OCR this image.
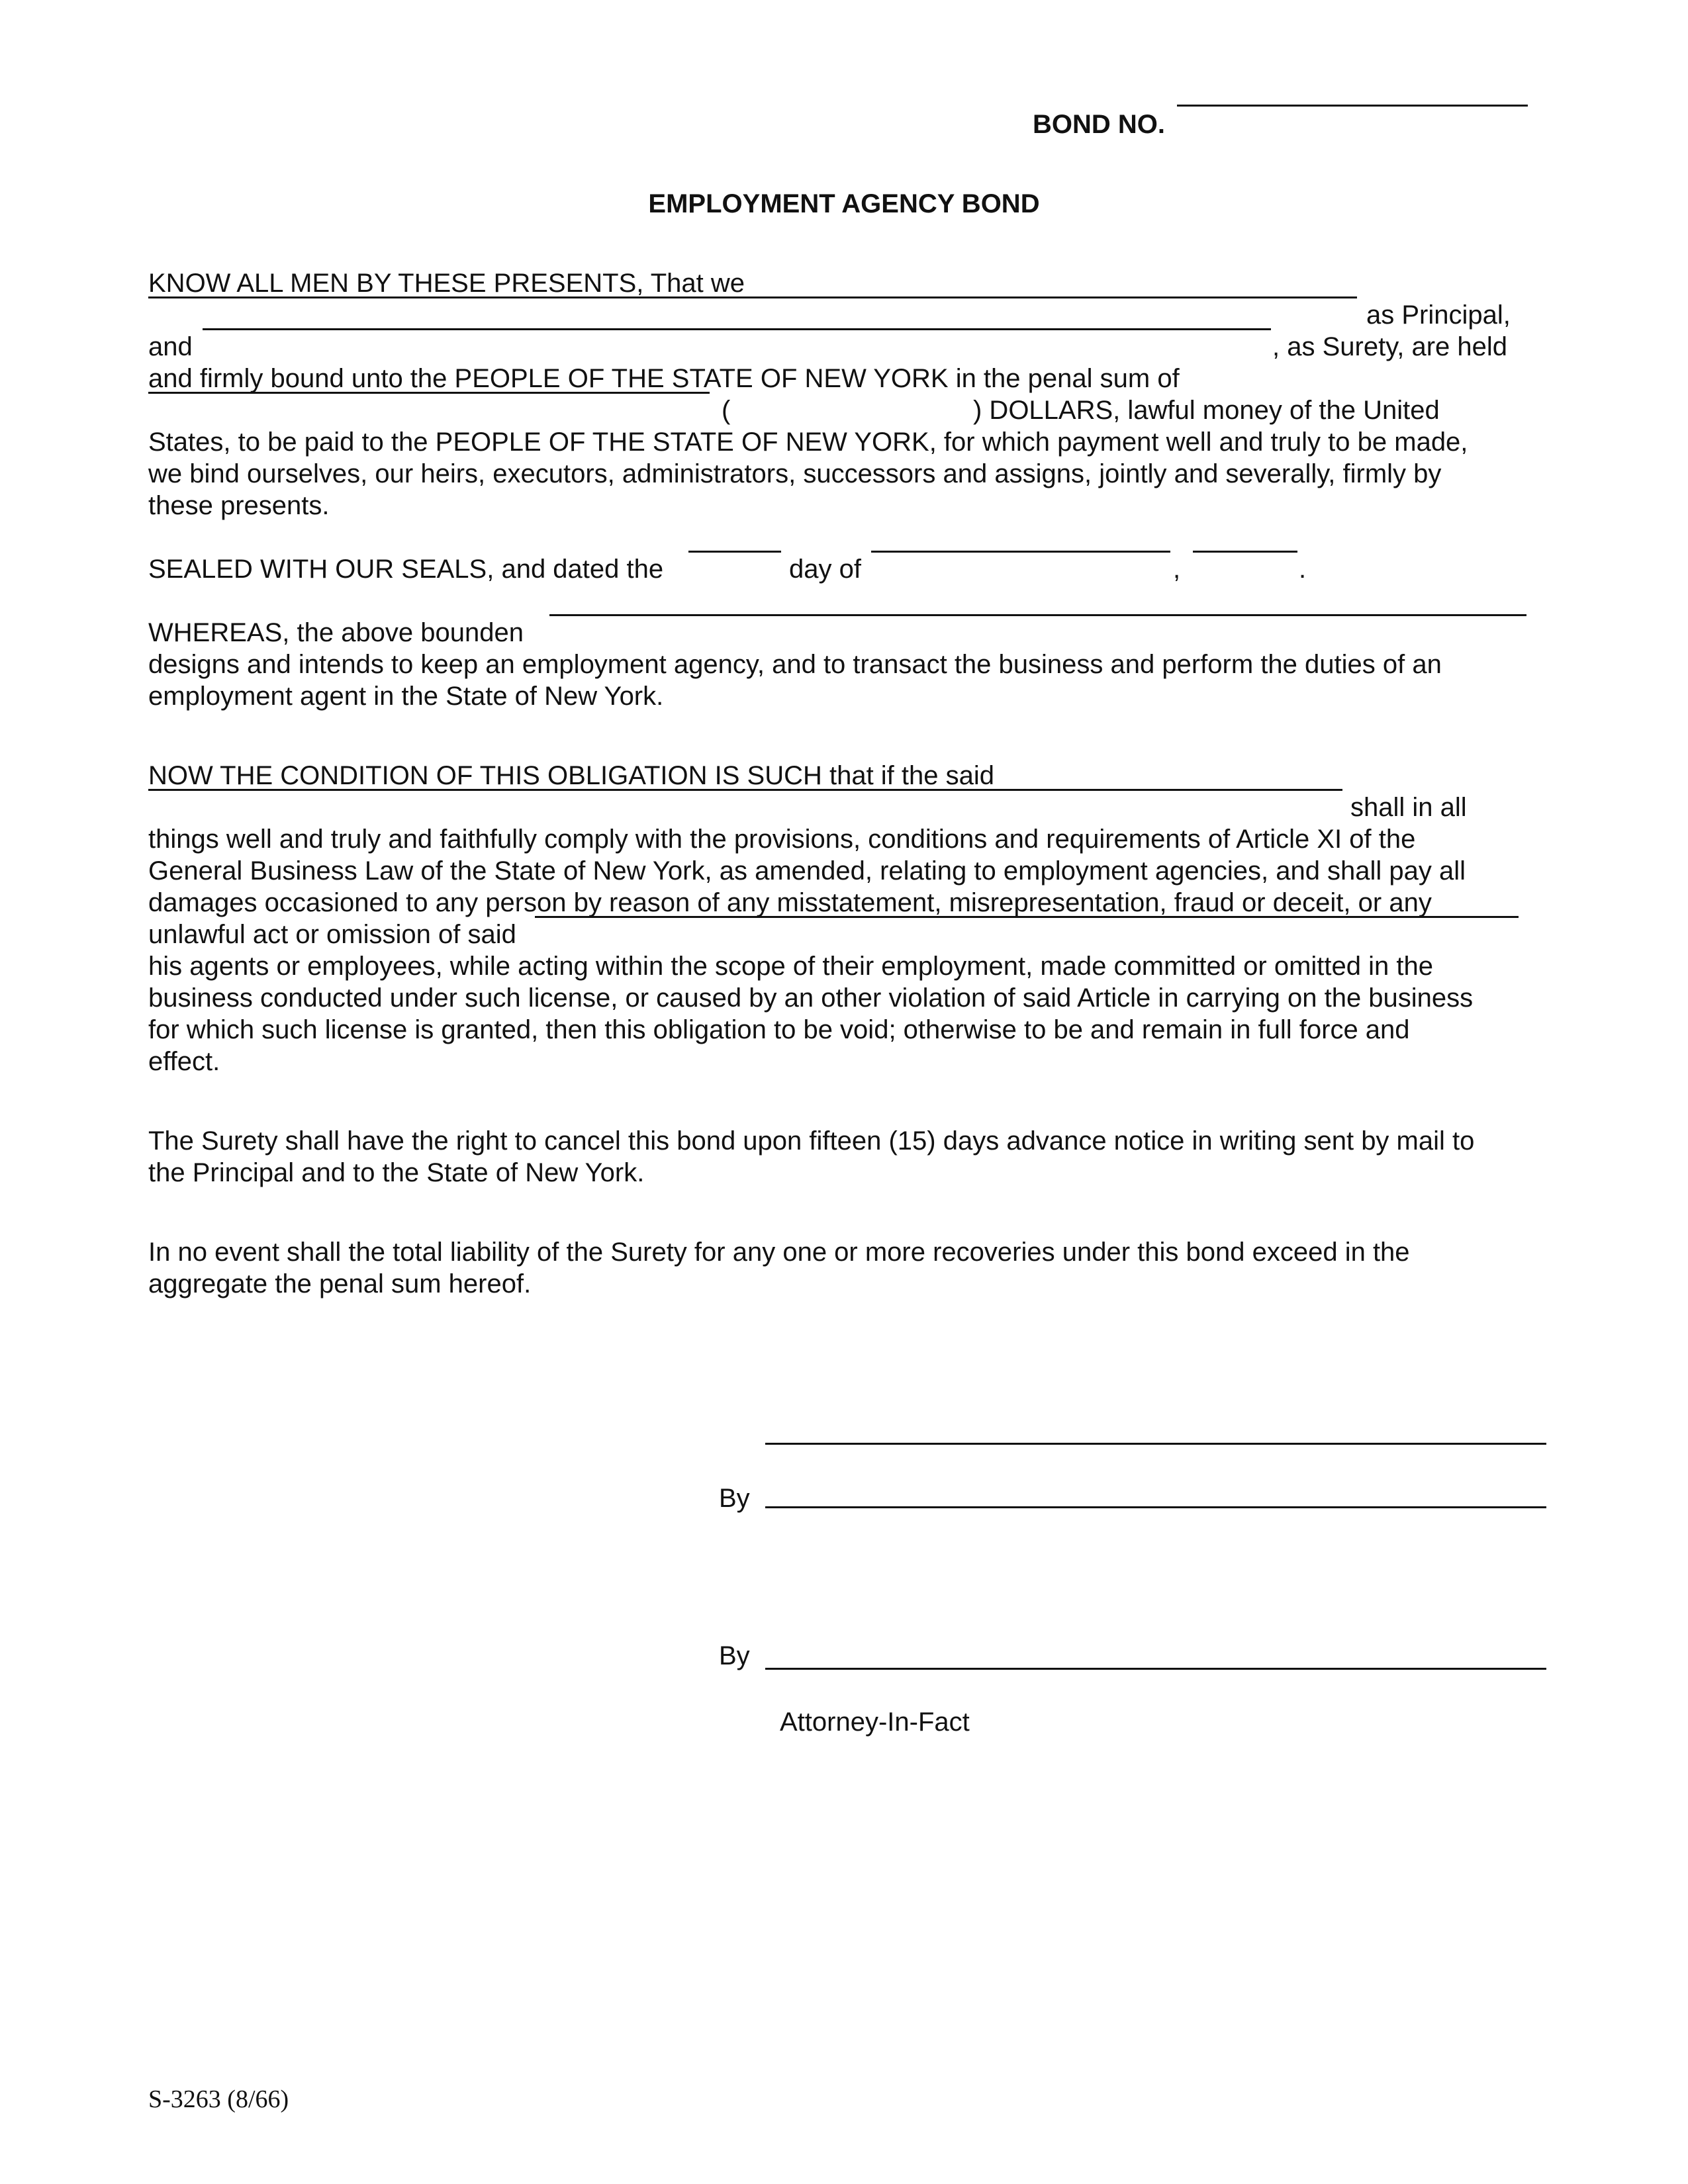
BOND NO.
EMPLOYMENT AGENCY BOND
KNOW ALL MEN BY THESE PRESENTS, That we
as Principal,
and	, as Surety, are held
and firmly bound unto the PEOPLE OF THE STATE OF NEW YORK in the penal sum of
(	) DOLLARS, lawful money of the United
States, to be paid to the PEOPLE OF THE STATE OF NEW YORK, for which payment well and truly to be made,
we bind ourselves, our heirs, executors, administrators, successors and assigns, jointly and severally, firmly by
these presents.
SEALED WITH OUR SEALS, and dated the	day of	,	.
WHEREAS, the above bounden
designs and intends to keep an employment agency, and to transact the business and perform the duties of an
employment agent in the State of New York.
NOW THE CONDITION OF THIS OBLIGATION IS SUCH that if the said
shall in all
things well and truly and faithfully comply with the provisions, conditions and requirements of Article XI of the
General Business Law of the State of New York, as amended, relating to employment agencies, and shall pay all
damages occasioned to any person by reason of any misstatement, misrepresentation, fraud or deceit, or any
unlawful act or omission of said
his agents or employees, while acting within the scope of their employment, made committed or omitted in the
business conducted under such license, or caused by an other violation of said Article in carrying on the business
for which such license is granted, then this obligation to be void; otherwise to be and remain in full force and
effect.
The Surety shall have the right to cancel this bond upon fifteen (15) days advance notice in writing sent by mail to
the Principal and to the State of New York.
In no event shall the total liability of the Surety for any one or more recoveries under this bond exceed in the
aggregate the penal sum hereof.
By
By
Attorney-In-Fact
S-3263 (8/66)
